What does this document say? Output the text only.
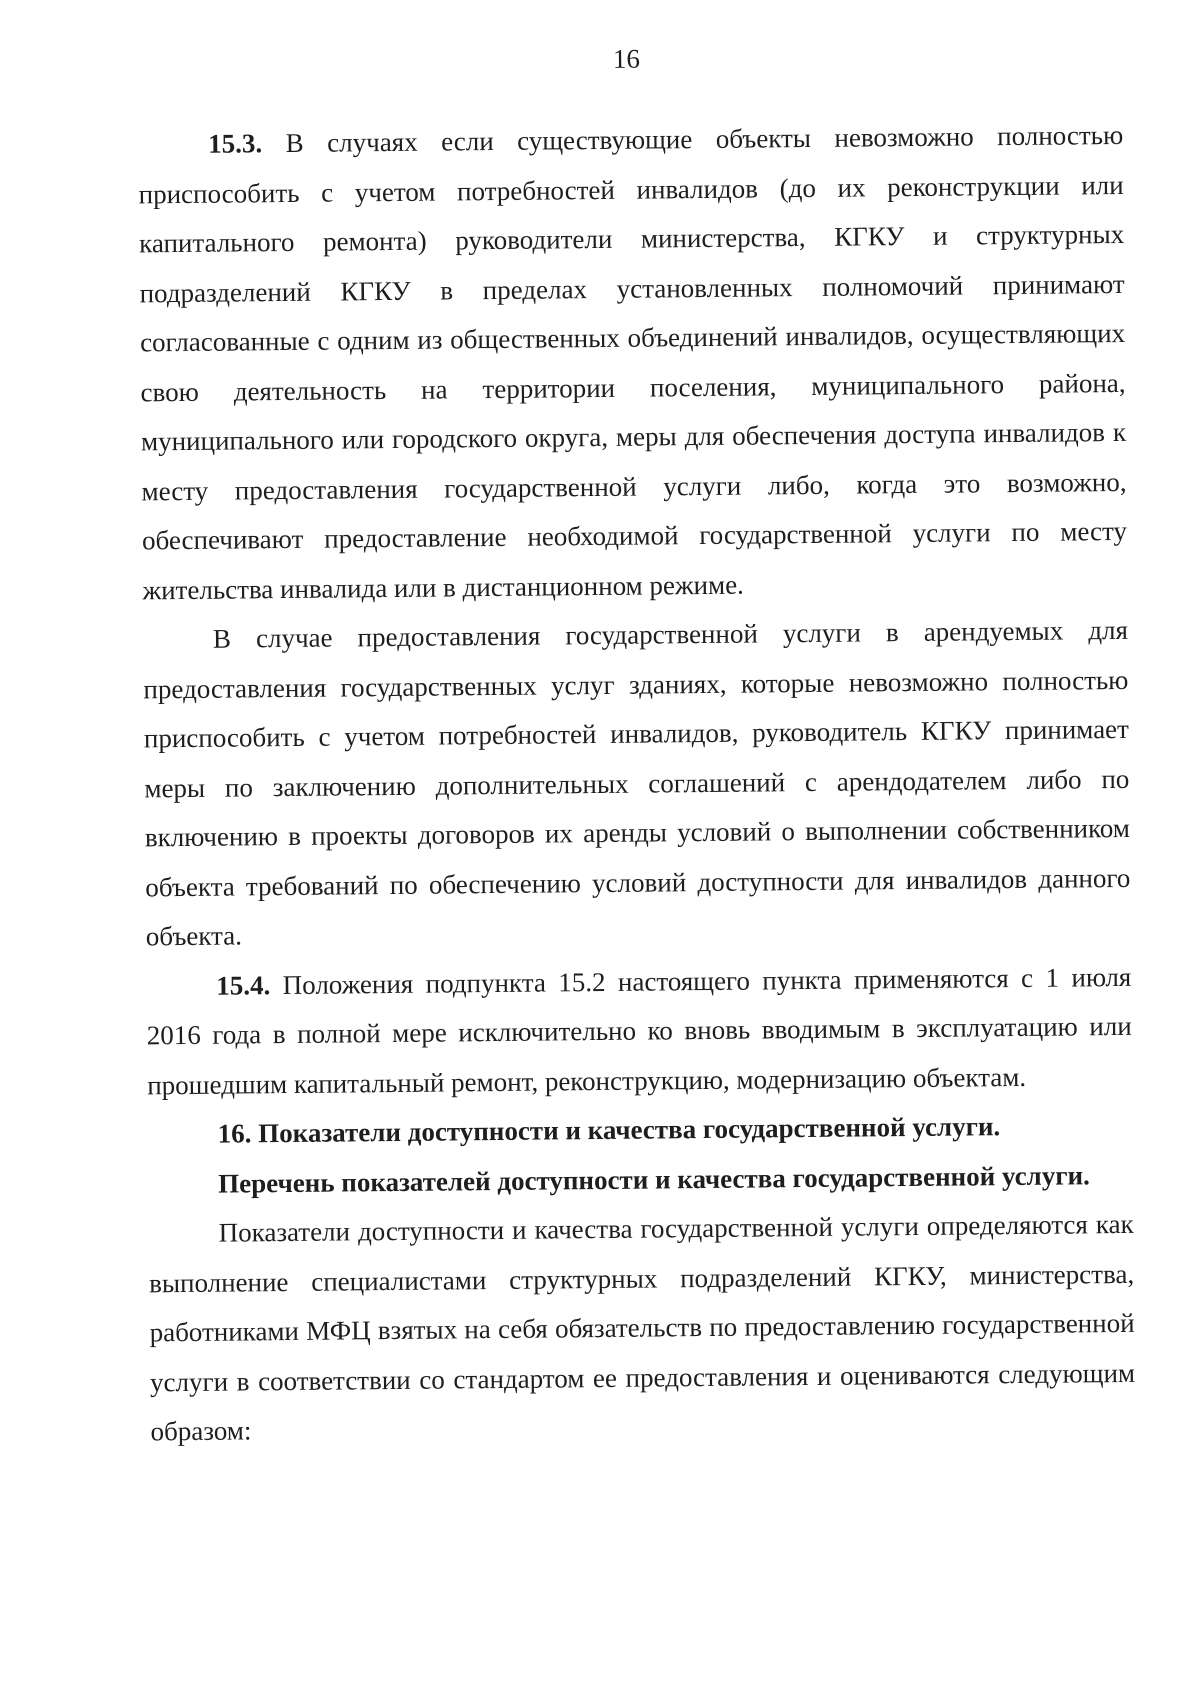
16

15.3. В случаях если существующие объекты невозможно полностью приспособить с учетом потребностей инвалидов (до их реконструкции или капитального ремонта) руководители министерства, КГКУ и структурных подразделений КГКУ в пределах установленных полномочий принимают согласованные с одним из общественных объединений инвалидов, осуществляющих свою деятельность на территории поселения, муниципального района, муниципального или городского округа, меры для обеспечения доступа инвалидов к месту предоставления государственной услуги либо, когда это возможно, обеспечивают предоставление необходимой государственной услуги по месту жительства инвалида или в дистанционном режиме.

В случае предоставления государственной услуги в арендуемых для предоставления государственных услуг зданиях, которые невозможно полностью приспособить с учетом потребностей инвалидов, руководитель КГКУ принимает меры по заключению дополнительных соглашений с арендодателем либо по включению в проекты договоров их аренды условий о выполнении собственником объекта требований по обеспечению условий доступности для инвалидов данного объекта.

15.4. Положения подпункта 15.2 настоящего пункта применяются с 1 июля 2016 года в полной мере исключительно ко вновь вводимым в эксплуатацию или прошедшим капитальный ремонт, реконструкцию, модернизацию объектам.

16. Показатели доступности и качества государственной услуги.

Перечень показателей доступности и качества государственной услуги.

Показатели доступности и качества государственной услуги определяются как выполнение специалистами структурных подразделений КГКУ, министерства, работниками МФЦ взятых на себя обязательств по предоставлению государственной услуги в соответствии со стандартом ее предоставления и оцениваются следующим образом:
